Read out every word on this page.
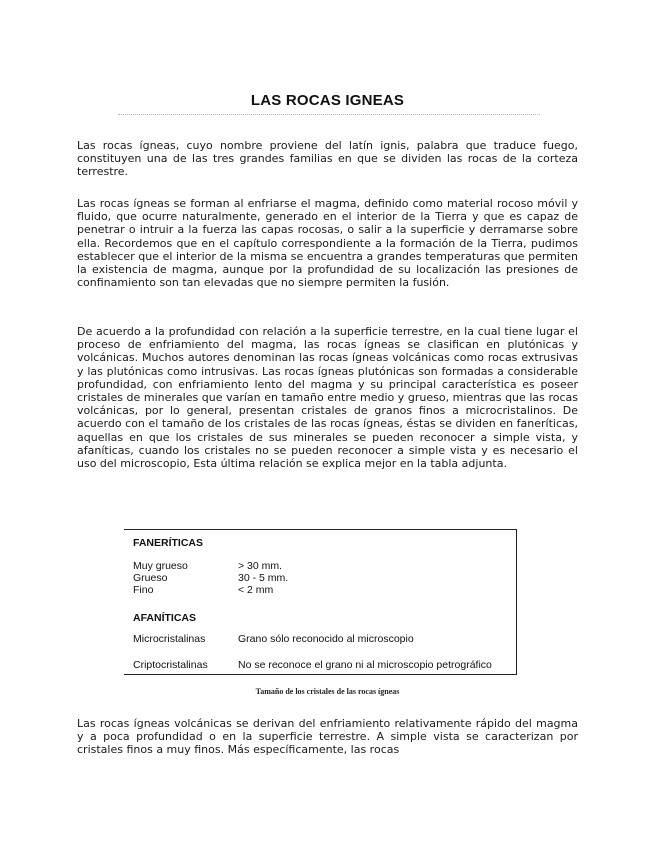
LAS ROCAS IGNEAS

Las rocas ígneas, cuyo nombre proviene del latín ignis, palabra que traduce fuego, constituyen una de las tres grandes familias en que se dividen las rocas de la corteza terrestre.

Las rocas ígneas se forman al enfriarse el magma, definido como material rocoso móvil y fluido, que ocurre naturalmente, generado en el interior de la Tierra y que es capaz de penetrar o intruir a la fuerza las capas rocosas, o salir a la superficie y derramarse sobre ella. Recordemos que en el capítulo correspondiente a la formación de la Tierra, pudimos establecer que el interior de la misma se encuentra a grandes temperaturas que permiten la existencia de magma, aunque por la profundidad de su localización las presiones de confinamiento son tan elevadas que no siempre permiten la fusión.

De acuerdo a la profundidad con relación a la superficie terrestre, en la cual tiene lugar el proceso de enfriamiento del magma, las rocas ígneas se clasifican en plutónicas y volcánicas. Muchos autores denominan las rocas ígneas volcánicas como rocas extrusivas y las plutónicas como intrusivas. Las rocas ígneas plutónicas son formadas a considerable profundidad, con enfriamiento lento del magma y su principal característica es poseer cristales de minerales que varían en tamaño entre medio y grueso, mientras que las rocas volcánicas, por lo general, presentan cristales de granos finos a microcristalinos. De acuerdo con el tamaño de los cristales de las rocas ígneas, éstas se dividen en faneríticas, aquellas en que los cristales de sus minerales se pueden reconocer a simple vista, y afaníticas, cuando los cristales no se pueden reconocer a simple vista y es necesario el uso del microscopio, Esta última relación se explica mejor en la tabla adjunta.

FANERÍTICAS
Muy grueso	> 30 mm.
Grueso	30 - 5 mm.
Fino	< 2 mm
AFANÍTICAS
Microcristalinas	Grano sólo reconocido al microscopio
Criptocristalinas	No se reconoce el grano ni al microscopio petrográfico
Tamaño de los cristales de las rocas ígneas

Las rocas ígneas volcánicas se derivan del enfriamiento relativamente rápido del magma y a poca profundidad o en la superficie terrestre. A simple vista se caracterizan por cristales finos a muy finos. Más específicamente, las rocas
